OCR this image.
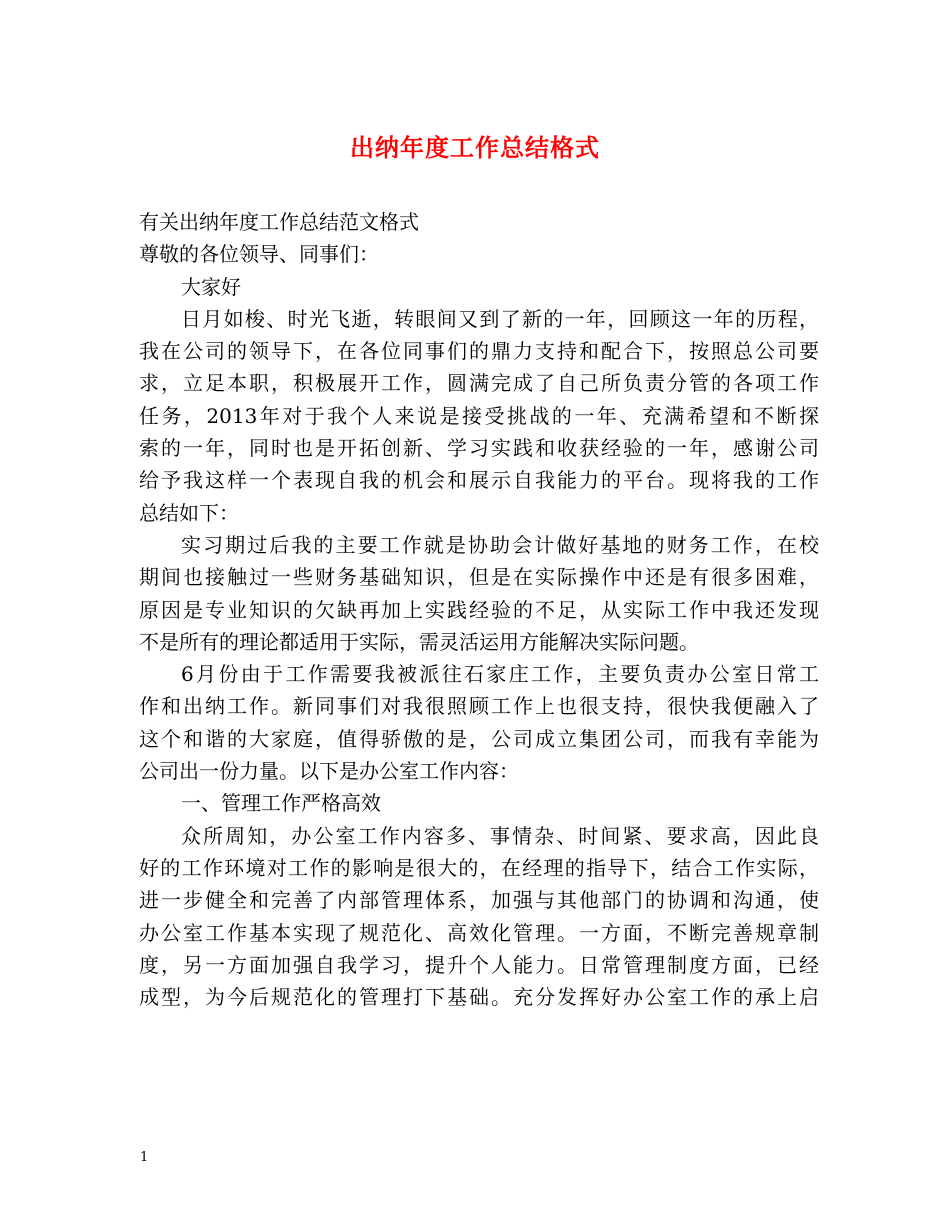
出纳年度工作总结格式
有关出纳年度工作总结范文格式
尊敬的各位领导、同事们：
大家好
日月如梭、时光飞逝，转眼间又到了新的一年，回顾这一年的历程，
我在公司的领导下，在各位同事们的鼎力支持和配合下，按照总公司要
求，立足本职，积极展开工作，圆满完成了自己所负责分管的各项工作
任务，2013年对于我个人来说是接受挑战的一年、充满希望和不断探
索的一年，同时也是开拓创新、学习实践和收获经验的一年，感谢公司
给予我这样一个表现自我的机会和展示自我能力的平台。现将我的工作
总结如下：
实习期过后我的主要工作就是协助会计做好基地的财务工作，在校
期间也接触过一些财务基础知识，但是在实际操作中还是有很多困难，
原因是专业知识的欠缺再加上实践经验的不足，从实际工作中我还发现
不是所有的理论都适用于实际，需灵活运用方能解决实际问题。
6月份由于工作需要我被派往石家庄工作，主要负责办公室日常工
作和出纳工作。新同事们对我很照顾工作上也很支持，很快我便融入了
这个和谐的大家庭，值得骄傲的是，公司成立集团公司，而我有幸能为
公司出一份力量。以下是办公室工作内容：
一、管理工作严格高效
众所周知，办公室工作内容多、事情杂、时间紧、要求高，因此良
好的工作环境对工作的影响是很大的，在经理的指导下，结合工作实际，
进一步健全和完善了内部管理体系，加强与其他部门的协调和沟通，使
办公室工作基本实现了规范化、高效化管理。一方面，不断完善规章制
度，另一方面加强自我学习，提升个人能力。日常管理制度方面，已经
成型，为今后规范化的管理打下基础。充分发挥好办公室工作的承上启
1
